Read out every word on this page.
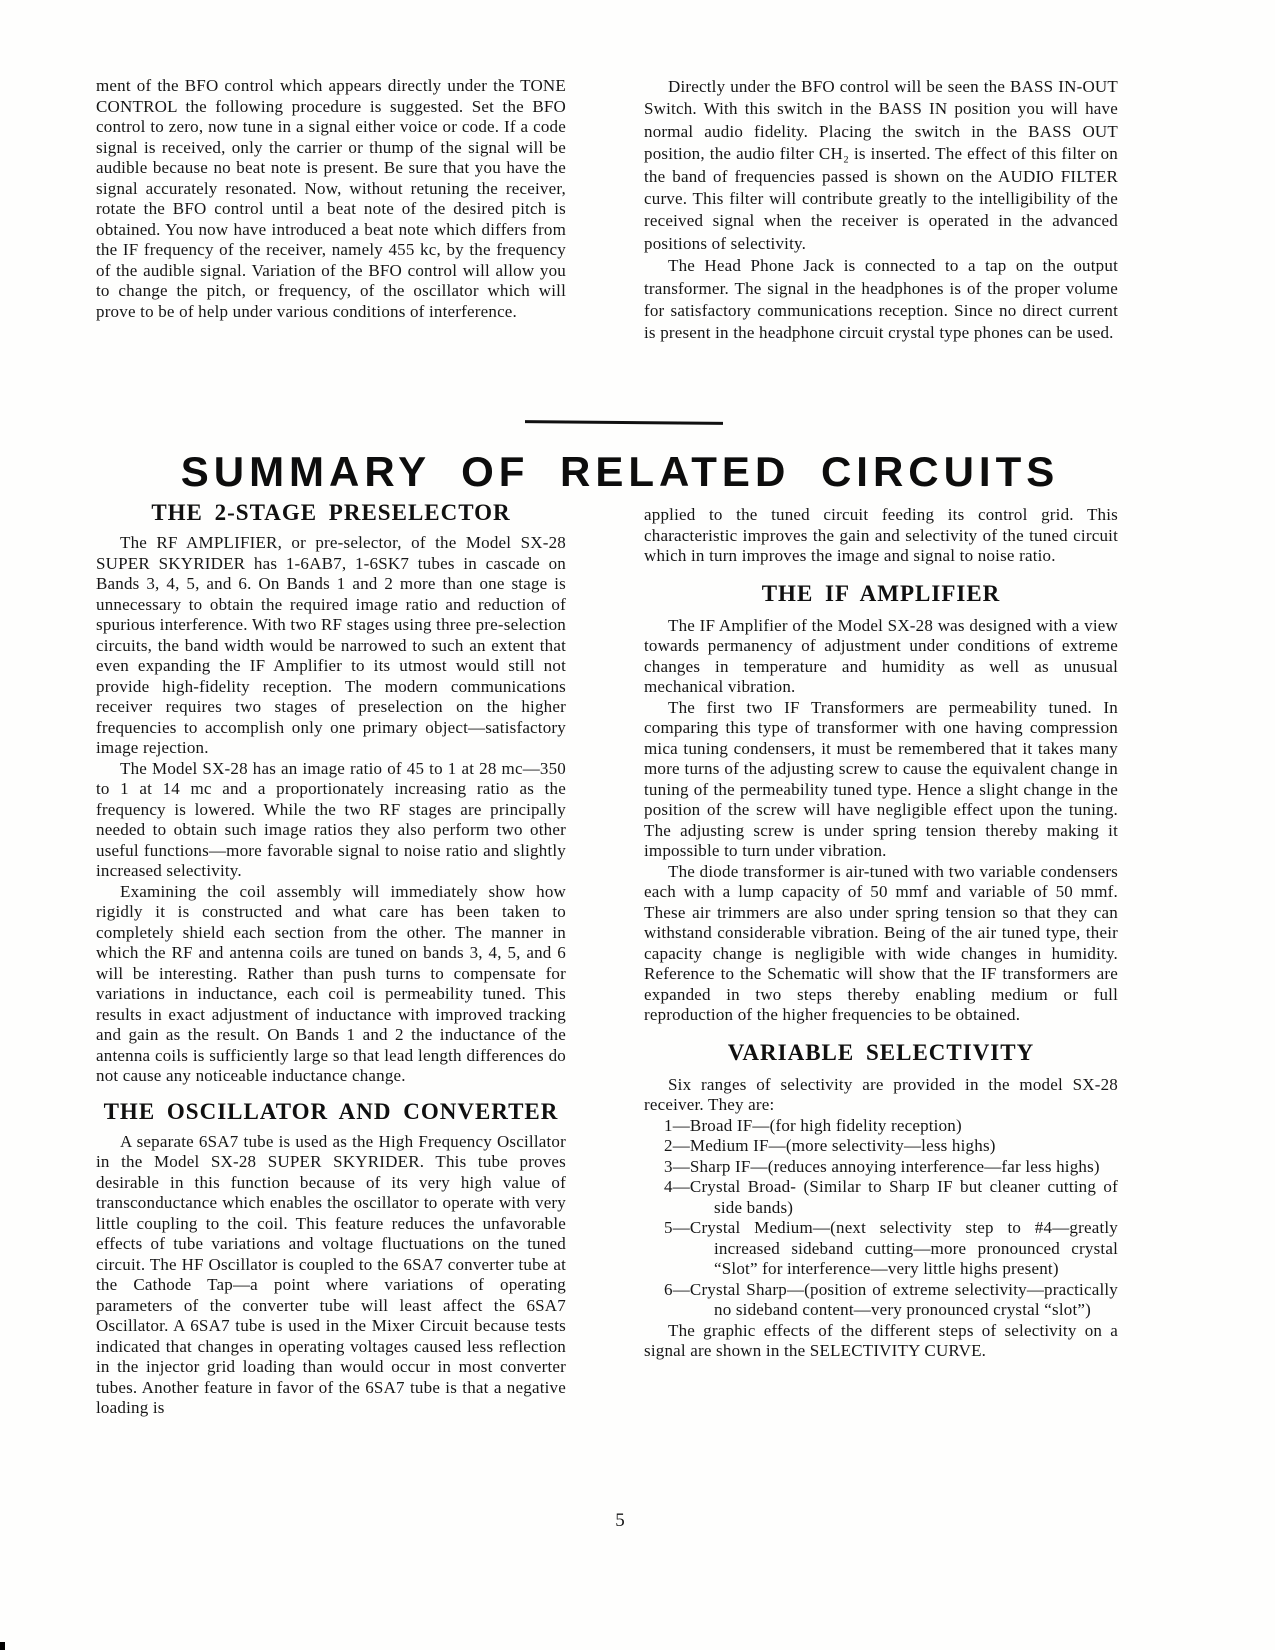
ment of the BFO control which appears directly under the TONE CONTROL the following procedure is suggested. Set the BFO control to zero, now tune in a signal either voice or code. If a code signal is received, only the carrier or thump of the signal will be audible because no beat note is present. Be sure that you have the signal accurately resonated. Now, without retuning the receiver, rotate the BFO control until a beat note of the desired pitch is obtained. You now have introduced a beat note which differs from the IF frequency of the receiver, namely 455 kc, by the frequency of the audible signal. Variation of the BFO control will allow you to change the pitch, or frequency, of the oscillator which will prove to be of help under various conditions of interference.

Directly under the BFO control will be seen the BASS IN-OUT Switch. With this switch in the BASS IN position you will have normal audio fidelity. Placing the switch in the BASS OUT position, the audio filter CH₂ is inserted. The effect of this filter on the band of frequencies passed is shown on the AUDIO FILTER curve. This filter will contribute greatly to the intelligibility of the received signal when the receiver is operated in the advanced positions of selectivity.

The Head Phone Jack is connected to a tap on the output transformer. The signal in the headphones is of the proper volume for satisfactory communications reception. Since no direct current is present in the headphone circuit crystal type phones can be used.

SUMMARY OF RELATED CIRCUITS
THE 2-STAGE PRESELECTOR

The RF AMPLIFIER, or pre-selector, of the Model SX-28 SUPER SKYRIDER has 1-6AB7, 1-6SK7 tubes in cascade on Bands 3, 4, 5, and 6. On Bands 1 and 2 more than one stage is unnecessary to obtain the required image ratio and reduction of spurious interference. With two RF stages using three pre-selection circuits, the band width would be narrowed to such an extent that even expanding the IF Amplifier to its utmost would still not provide high-fidelity reception. The modern communications receiver requires two stages of preselection on the higher frequencies to accomplish only one primary object—satisfactory image rejection.

The Model SX-28 has an image ratio of 45 to 1 at 28 mc—350 to 1 at 14 mc and a proportionately increasing ratio as the frequency is lowered. While the two RF stages are principally needed to obtain such image ratios they also perform two other useful functions—more favorable signal to noise ratio and slightly increased selectivity.

Examining the coil assembly will immediately show how rigidly it is constructed and what care has been taken to completely shield each section from the other. The manner in which the RF and antenna coils are tuned on bands 3, 4, 5, and 6 will be interesting. Rather than push turns to compensate for variations in inductance, each coil is permeability tuned. This results in exact adjustment of inductance with improved tracking and gain as the result. On Bands 1 and 2 the inductance of the antenna coils is sufficiently large so that lead length differences do not cause any noticeable inductance change.

THE OSCILLATOR AND CONVERTER

A separate 6SA7 tube is used as the High Frequency Oscillator in the Model SX-28 SUPER SKYRIDER. This tube proves desirable in this function because of its very high value of transconductance which enables the oscillator to operate with very little coupling to the coil. This feature reduces the unfavorable effects of tube variations and voltage fluctuations on the tuned circuit. The HF Oscillator is coupled to the 6SA7 converter tube at the Cathode Tap—a point where variations of operating parameters of the converter tube will least affect the 6SA7 Oscillator. A 6SA7 tube is used in the Mixer Circuit because tests indicated that changes in operating voltages caused less reflection in the injector grid loading than would occur in most converter tubes. Another feature in favor of the 6SA7 tube is that a negative loading is

applied to the tuned circuit feeding its control grid. This characteristic improves the gain and selectivity of the tuned circuit which in turn improves the image and signal to noise ratio.

THE IF AMPLIFIER

The IF Amplifier of the Model SX-28 was designed with a view towards permanency of adjustment under conditions of extreme changes in temperature and humidity as well as unusual mechanical vibration.

The first two IF Transformers are permeability tuned. In comparing this type of transformer with one having compression mica tuning condensers, it must be remembered that it takes many more turns of the adjusting screw to cause the equivalent change in tuning of the permeability tuned type. Hence a slight change in the position of the screw will have negligible effect upon the tuning. The adjusting screw is under spring tension thereby making it impossible to turn under vibration.

The diode transformer is air-tuned with two variable condensers each with a lump capacity of 50 mmf and variable of 50 mmf. These air trimmers are also under spring tension so that they can withstand considerable vibration. Being of the air tuned type, their capacity change is negligible with wide changes in humidity. Reference to the Schematic will show that the IF transformers are expanded in two steps thereby enabling medium or full reproduction of the higher frequencies to be obtained.

VARIABLE SELECTIVITY

Six ranges of selectivity are provided in the model SX-28 receiver. They are:

1—Broad IF—(for high fidelity reception)

2—Medium IF—(more selectivity—less highs)

3—Sharp IF—(reduces annoying interference—far less highs)

4—Crystal Broad- (Similar to Sharp IF but cleaner cutting of side bands)

5—Crystal Medium—(next selectivity step to #4—greatly increased sideband cutting—more pronounced crystal “Slot” for interference—very little highs present)

6—Crystal Sharp—(position of extreme selectivity—practically no sideband content—very pronounced crystal “slot”)

The graphic effects of the different steps of selectivity on a signal are shown in the SELECTIVITY CURVE.

5
